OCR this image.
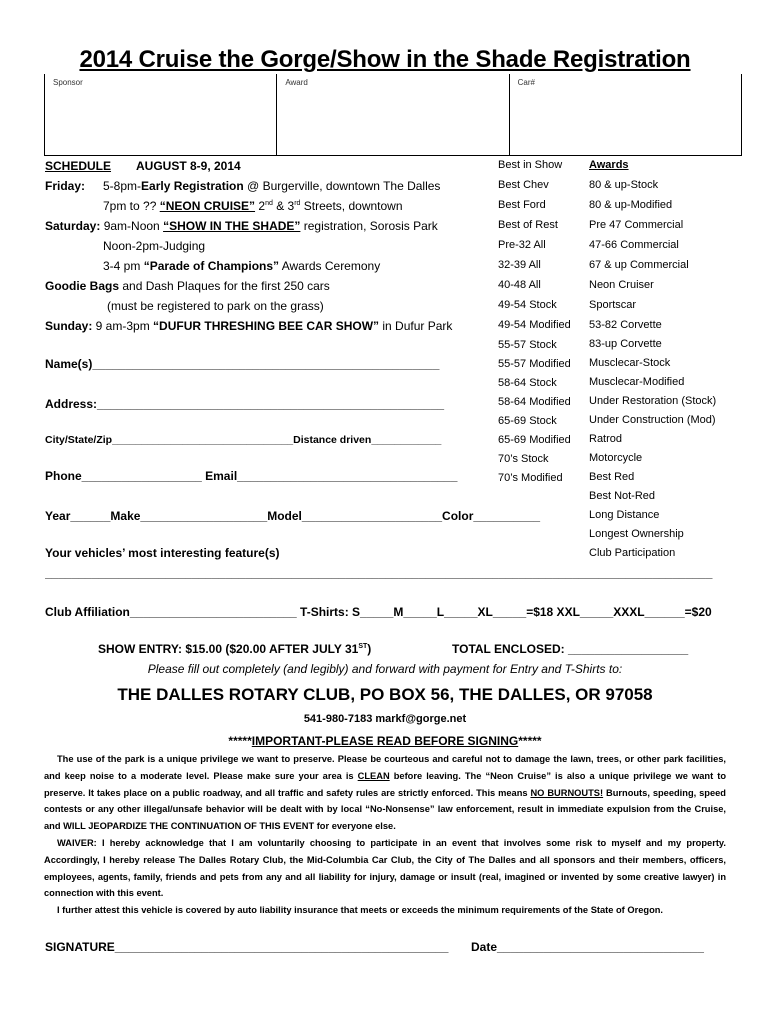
2014 Cruise the Gorge/Show in the Shade Registration
Sponsor	Award	Car#
SCHEDULE AUGUST 8-9, 2014
Friday: 5-8pm-Early Registration @ Burgerville, downtown The Dalles
7pm to ?? “NEON CRUISE” 2nd & 3rd Streets, downtown
Saturday: 9am-Noon “SHOW IN THE SHADE” registration, Sorosis Park
Noon-2pm-Judging
3-4 pm “Parade of Champions” Awards Ceremony
Goodie Bags and Dash Plaques for the first 250 cars
(must be registered to park on the grass)
Sunday: 9 am-3pm “DUFUR THRESHING BEE CAR SHOW” in Dufur Park
Name(s)____________________________________________________
Address:____________________________________________________
City/State/Zip_______________________________Distance driven____________
Phone__________________ Email_________________________________
Year______Make___________________Model_____________________Color__________
Your vehicles’ most interesting feature(s)
____________________________________________________________________________________________________
Club Affiliation_________________________ T-Shirts: S_____M_____L_____XL_____=$18 XXL_____XXXL______=$20
SHOW ENTRY: $15.00 ($20.00 AFTER JULY 31ST)	TOTAL ENCLOSED: __________________
Please fill out completely (and legibly) and forward with payment for Entry and T-Shirts to:
THE DALLES ROTARY CLUB, PO BOX 56, THE DALLES, OR 97058
541-980-7183 markf@gorge.net
*****IMPORTANT-PLEASE READ BEFORE SIGNING*****

The use of the park is a unique privilege we want to preserve. Please be courteous and careful not to damage the lawn, trees, or other park facilities, and keep noise to a moderate level. Please make sure your area is CLEAN before leaving. The “Neon Cruise” is also a unique privilege we want to preserve. It takes place on a public roadway, and all traffic and safety rules are strictly enforced. This means NO BURNOUTS! Burnouts, speeding, speed contests or any other illegal/unsafe behavior will be dealt with by local “No-Nonsense” law enforcement, result in immediate expulsion from the Cruise, and WILL JEOPARDIZE THE CONTINUATION OF THIS EVENT for everyone else.

WAIVER: I hereby acknowledge that I am voluntarily choosing to participate in an event that involves some risk to myself and my property. Accordingly, I hereby release The Dalles Rotary Club, the Mid-Columbia Car Club, the City of The Dalles and all sponsors and their members, officers, employees, agents, family, friends and pets from any and all liability for injury, damage or insult (real, imagined or invented by some creative lawyer) in connection with this event.

I further attest this vehicle is covered by auto liability insurance that meets or exceeds the minimum requirements of the State of Oregon.

SIGNATURE__________________________________________________ Date_______________________________
Best in Show
Best Chev
Best Ford
Best of Rest
Pre-32 All
32-39 All
40-48 All
49-54 Stock
49-54 Modified
55-57 Stock
55-57 Modified
58-64 Stock
58-64 Modified
65-69 Stock
65-69 Modified
70’s Stock
70’s Modified
Awards
80 & up-Stock
80 & up-Modified
Pre 47 Commercial
47-66 Commercial
67 & up Commercial
Neon Cruiser
Sportscar
53-82 Corvette
83-up Corvette
Musclecar-Stock
Musclecar-Modified
Under Restoration (Stock)
Under Construction (Mod)
Ratrod
Motorcycle
Best Red
Best Not-Red
Long Distance
Longest Ownership
Club Participation
